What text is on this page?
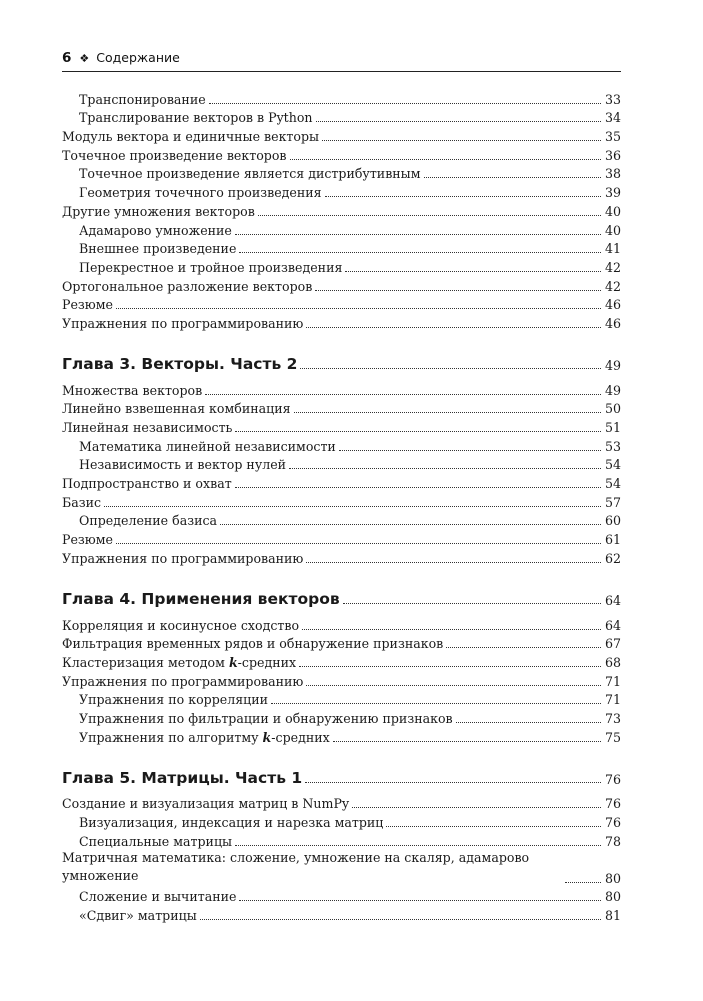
6 ❖ Содержание
Транспонирование	33
Транслирование векторов в Python	34
Модуль вектора и единичные векторы	35
Точечное произведение векторов	36
Точечное произведение является дистрибутивным	38
Геометрия точечного произведения	39
Другие умножения векторов	40
Адамарово умножение	40
Внешнее произведение	41
Перекрестное и тройное произведения	42
Ортогональное разложение векторов	42
Резюме	46
Упражнения по программированию	46
Глава 3. Векторы. Часть 2	49
Множества векторов	49
Линейно взвешенная комбинация	50
Линейная независимость	51
Математика линейной независимости	53
Независимость и вектор нулей	54
Подпространство и охват	54
Базис	57
Определение базиса	60
Резюме	61
Упражнения по программированию	62
Глава 4. Применения векторов	64
Корреляция и косинусное сходство	64
Фильтрация временных рядов и обнаружение признаков	67
Кластеризация методом k-средних	68
Упражнения по программированию	71
Упражнения по корреляции	71
Упражнения по фильтрации и обнаружению признаков	73
Упражнения по алгоритму k-средних	75
Глава 5. Матрицы. Часть 1	76
Создание и визуализация матриц в NumPy	76
Визуализация, индексация и нарезка матриц	76
Специальные матрицы	78
Матричная математика: сложение, умножение на скаляр, адамарово умножение	80
Сложение и вычитание	80
«Сдвиг» матрицы	81
